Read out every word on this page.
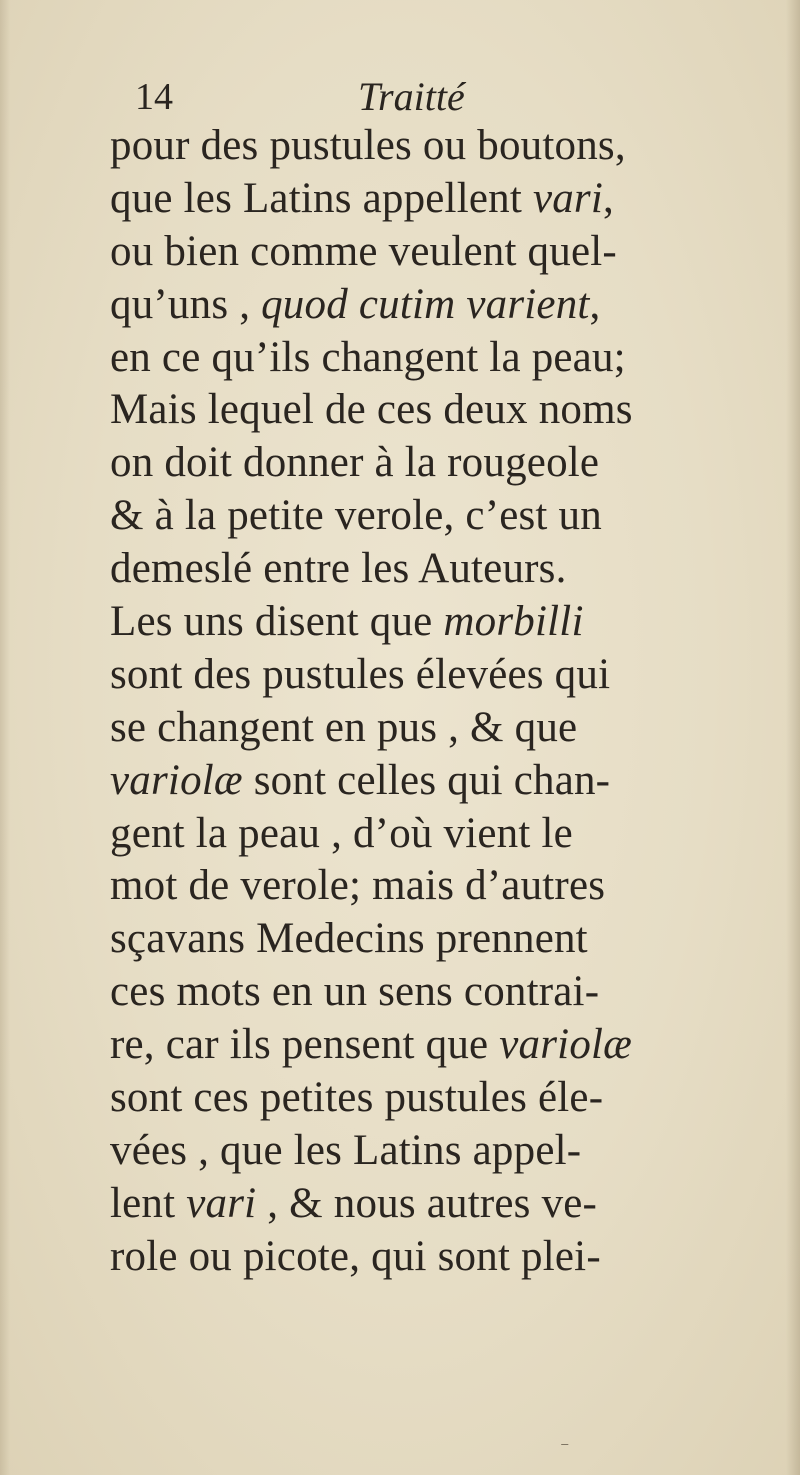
14	Traitté
pour des pustules ou boutons,
que les Latins appellent vari,
ou bien comme veulent quel-
qu’uns , quod cutim varient,
en ce qu’ils changent la peau;
Mais lequel de ces deux noms
on doit donner à la rougeole
& à la petite verole, c’est un
demeslé entre les Auteurs.
Les uns disent que morbilli
sont des pustules élevées qui
se changent en pus , & que
variolæ sont celles qui chan-
gent la peau , d’où vient le
mot de verole; mais d’autres
sçavans Medecins prennent
ces mots en un sens contrai-
re, car ils pensent que variolæ
sont ces petites pustules éle-
vées , que les Latins appel-
lent vari , & nous autres ve-
role ou picote, qui sont plei-
⁻
